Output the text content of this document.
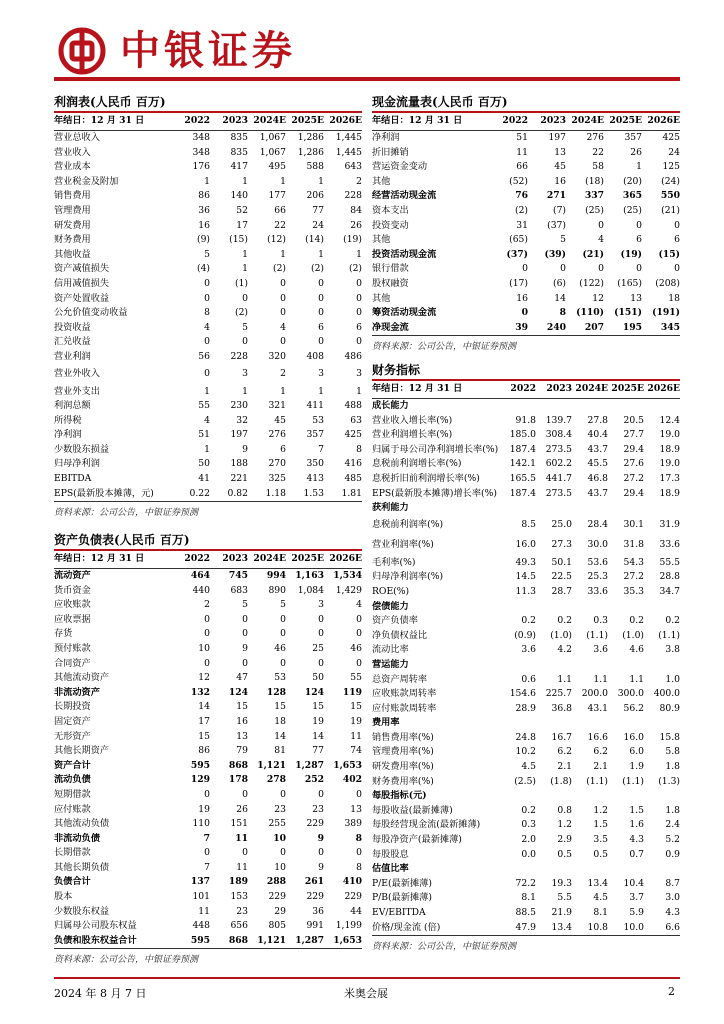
中银证券
利润表(人民币 百万)
年结日：12 月 31 日	2022	2023	2024E	2025E	2026E
营业总收入	348	835	1,067	1,286	1,445
营业收入	348	835	1,067	1,286	1,445
营业成本	176	417	495	588	643
营业税金及附加	1	1	1	1	2
销售费用	86	140	177	206	228
管理费用	36	52	66	77	84
研发费用	16	17	22	24	26
财务费用	(9)	(15)	(12)	(14)	(19)
其他收益	5	1	1	1	1
资产减值损失	(4)	1	(2)	(2)	(2)
信用减值损失	0	(1)	0	0	0
资产处置收益	0	0	0	0	0
公允价值变动收益	8	(2)	0	0	0
投资收益	4	5	4	6	6
汇兑收益	0	0	0	0	0
营业利润	56	228	320	408	486
营业外收入	0	3	2	3	3
营业外支出	1	1	1	1	1
利润总额	55	230	321	411	488
所得税	4	32	45	53	63
净利润	51	197	276	357	425
少数股东损益	1	9	6	7	8
归母净利润	50	188	270	350	416
EBITDA	41	221	325	413	485
EPS(最新股本摊薄，元)	0.22	0.82	1.18	1.53	1.81
资料来源：公司公告，中银证券预测
资产负债表(人民币 百万)
年结日：12 月 31 日	2022	2023	2024E	2025E	2026E
流动资产	464	745	994	1,163	1,534
货币资金	440	683	890	1,084	1,429
应收账款	2	5	5	3	4
应收票据	0	0	0	0	0
存货	0	0	0	0	0
预付账款	10	9	46	25	46
合同资产	0	0	0	0	0
其他流动资产	12	47	53	50	55
非流动资产	132	124	128	124	119
长期投资	14	15	15	15	15
固定资产	17	16	18	19	19
无形资产	15	13	14	14	11
其他长期资产	86	79	81	77	74
资产合计	595	868	1,121	1,287	1,653
流动负债	129	178	278	252	402
短期借款	0	0	0	0	0
应付账款	19	26	23	23	13
其他流动负债	110	151	255	229	389
非流动负债	7	11	10	9	8
长期借款	0	0	0	0	0
其他长期负债	7	11	10	9	8
负债合计	137	189	288	261	410
股本	101	153	229	229	229
少数股东权益	11	23	29	36	44
归属母公司股东权益	448	656	805	991	1,199
负债和股东权益合计	595	868	1,121	1,287	1,653
资料来源：公司公告，中银证券预测
现金流量表(人民币 百万)
年结日：12 月 31 日	2022	2023	2024E	2025E	2026E
净利润	51	197	276	357	425
折旧摊销	11	13	22	26	24
营运资金变动	66	45	58	1	125
其他	(52)	16	(18)	(20)	(24)
经营活动现金流	76	271	337	365	550
资本支出	(2)	(7)	(25)	(25)	(21)
投资变动	31	(37)	0	0	0
其他	(65)	5	4	6	6
投资活动现金流	(37)	(39)	(21)	(19)	(15)
银行借款	0	0	0	0	0
股权融资	(17)	(6)	(122)	(165)	(208)
其他	16	14	12	13	18
筹资活动现金流	0	8	(110)	(151)	(191)
净现金流	39	240	207	195	345
资料来源：公司公告，中银证券预测
财务指标
年结日：12 月 31 日	2022	2023	2024E	2025E	2026E
成长能力					
营业收入增长率(%)	91.8	139.7	27.8	20.5	12.4
营业利润增长率(%)	185.0	308.4	40.4	27.7	19.0
归属于母公司净利润增长率(%)	187.4	273.5	43.7	29.4	18.9
息税前利润增长率(%)	142.1	602.2	45.5	27.6	19.0
息税折旧前利润增长率(%)	165.5	441.7	46.8	27.2	17.3
EPS(最新股本摊薄)增长率(%)	187.4	273.5	43.7	29.4	18.9
获利能力					
息税前利润率(%)	8.5	25.0	28.4	30.1	31.9
营业利润率(%)	16.0	27.3	30.0	31.8	33.6
毛利率(%)	49.3	50.1	53.6	54.3	55.5
归母净利润率(%)	14.5	22.5	25.3	27.2	28.8
ROE(%)	11.3	28.7	33.6	35.3	34.7
偿债能力					
资产负债率	0.2	0.2	0.3	0.2	0.2
净负债权益比	(0.9)	(1.0)	(1.1)	(1.0)	(1.1)
流动比率	3.6	4.2	3.6	4.6	3.8
营运能力					
总资产周转率	0.6	1.1	1.1	1.1	1.0
应收账款周转率	154.6	225.7	200.0	300.0	400.0
应付账款周转率	28.9	36.8	43.1	56.2	80.9
费用率					
销售费用率(%)	24.8	16.7	16.6	16.0	15.8
管理费用率(%)	10.2	6.2	6.2	6.0	5.8
研发费用率(%)	4.5	2.1	2.1	1.9	1.8
财务费用率(%)	(2.5)	(1.8)	(1.1)	(1.1)	(1.3)
每股指标(元)					
每股收益(最新摊薄)	0.2	0.8	1.2	1.5	1.8
每股经营现金流(最新摊薄)	0.3	1.2	1.5	1.6	2.4
每股净资产(最新摊薄)	2.0	2.9	3.5	4.3	5.2
每股股息	0.0	0.5	0.5	0.7	0.9
估值比率					
P/E(最新摊薄)	72.2	19.3	13.4	10.4	8.7
P/B(最新摊薄)	8.1	5.5	4.5	3.7	3.0
EV/EBITDA	88.5	21.9	8.1	5.9	4.3
价格/现金流 (倍)	47.9	13.4	10.8	10.0	6.6
资料来源：公司公告，中银证券预测
2024 年 8 月 7 日	米奥会展	2
